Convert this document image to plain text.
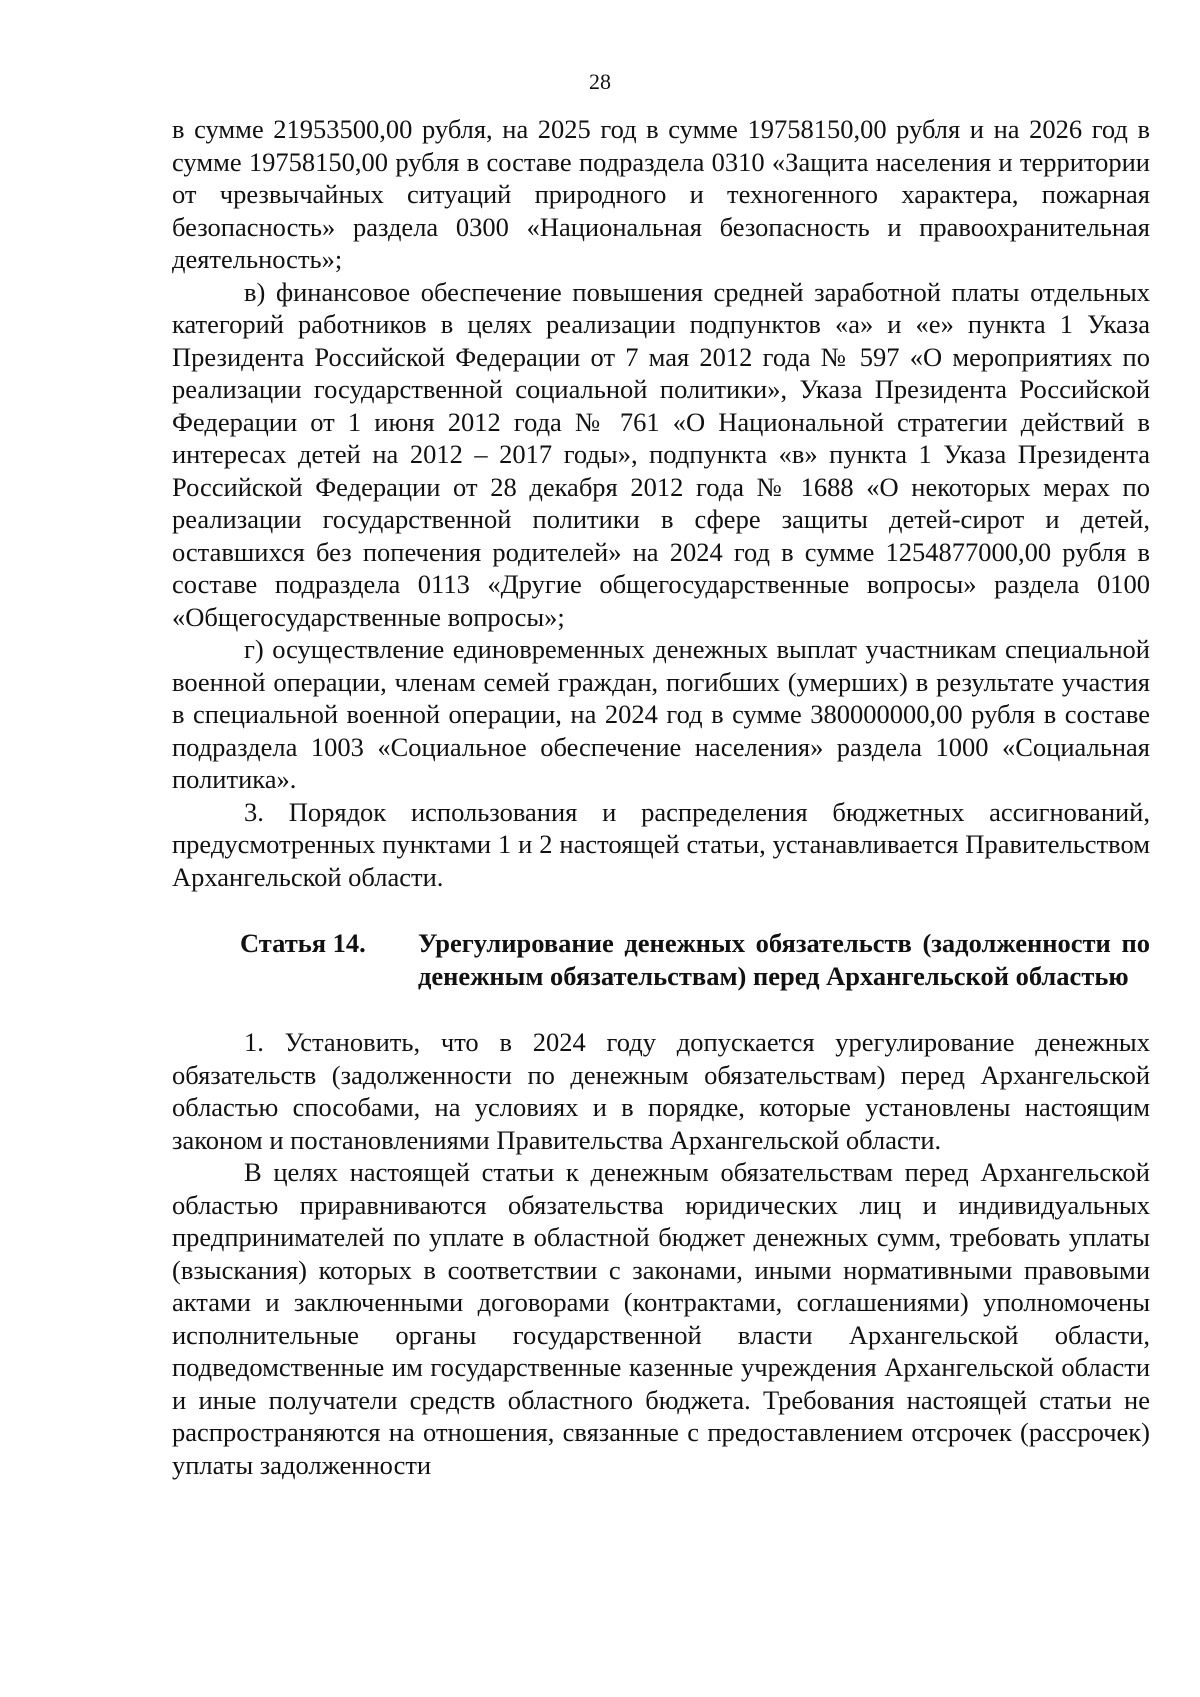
28

в сумме 21953500,00 рубля, на 2025 год в сумме 19758150,00 рубля и на 2026 год в сумме 19758150,00 рубля в составе подраздела 0310 «Защита населения и территории от чрезвычайных ситуаций природного и техногенного характера, пожарная безопасность» раздела 0300 «Национальная безопасность и правоохранительная деятельность»;

в) финансовое обеспечение повышения средней заработной платы отдельных категорий работников в целях реализации подпунктов «а» и «е» пункта 1 Указа Президента Российской Федерации от 7 мая 2012 года № 597 «О мероприятиях по реализации государственной социальной политики», Указа Президента Российской Федерации от 1 июня 2012 года № 761 «О Национальной стратегии действий в интересах детей на 2012 – 2017 годы», подпункта «в» пункта 1 Указа Президента Российской Федерации от 28 декабря 2012 года № 1688 «О некоторых мерах по реализации государственной политики в сфере защиты детей-сирот и детей, оставшихся без попечения родителей» на 2024 год в сумме 1254877000,00 рубля в составе подраздела 0113 «Другие общегосударственные вопросы» раздела 0100 «Общегосударственные вопросы»;

г) осуществление единовременных денежных выплат участникам специальной военной операции, членам семей граждан, погибших (умерших) в результате участия в специальной военной операции, на 2024 год в сумме 380000000,00 рубля в составе подраздела 1003 «Социальное обеспечение населения» раздела 1000 «Социальная политика».

3. Порядок использования и распределения бюджетных ассигнований, предусмотренных пунктами 1 и 2 настоящей статьи, устанавливается Правительством Архангельской области.

Статья 14.	Урегулирование денежных обязательств (задолженности по денежным обязательствам) перед Архангельской областью

1. Установить, что в 2024 году допускается урегулирование денежных обязательств (задолженности по денежным обязательствам) перед Архангельской областью способами, на условиях и в порядке, которые установлены настоящим законом и постановлениями Правительства Архангельской области.

В целях настоящей статьи к денежным обязательствам перед Архангельской областью приравниваются обязательства юридических лиц и индивидуальных предпринимателей по уплате в областной бюджет денежных сумм, требовать уплаты (взыскания) которых в соответствии с законами, иными нормативными правовыми актами и заключенными договорами (контрактами, соглашениями) уполномочены исполнительные органы государственной власти Архангельской области, подведомственные им государственные казенные учреждения Архангельской области и иные получатели средств областного бюджета. Требования настоящей статьи не распространяются на отношения, связанные с предоставлением отсрочек (рассрочек) уплаты задолженности
